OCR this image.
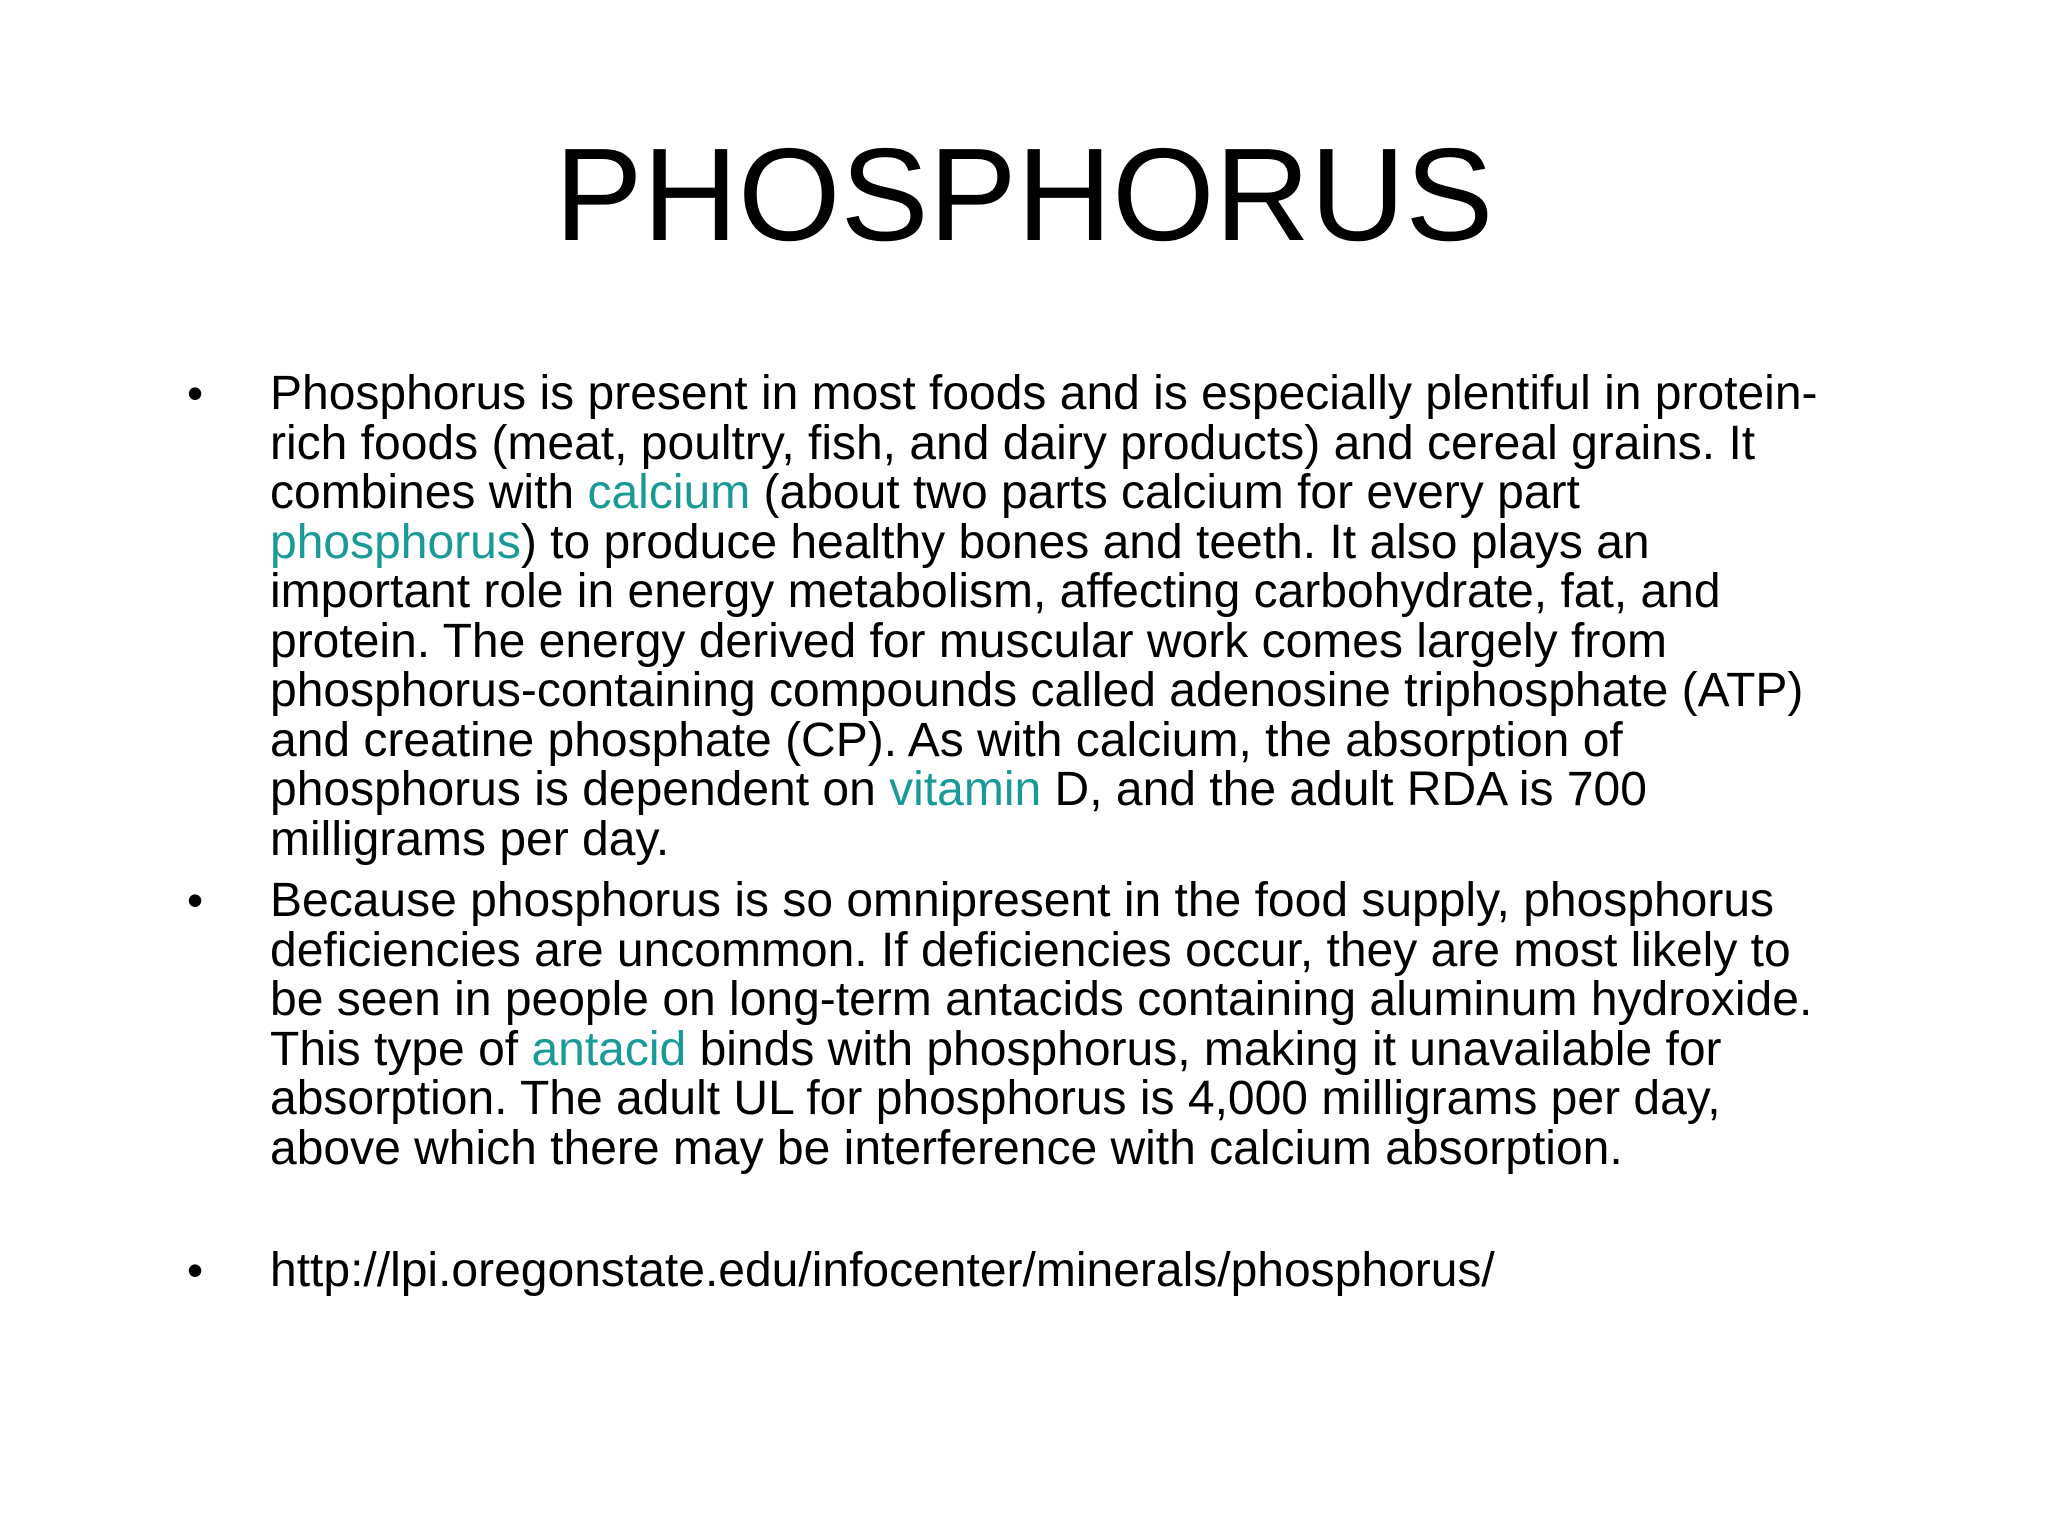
PHOSPHORUS
• Phosphorus is present in most foods and is especially plentiful in protein-
rich foods (meat, poultry, fish, and dairy products) and cereal grains. It
combines with calcium (about two parts calcium for every part
phosphorus) to produce healthy bones and teeth. It also plays an
important role in energy metabolism, affecting carbohydrate, fat, and
protein. The energy derived for muscular work comes largely from
phosphorus-containing compounds called adenosine triphosphate (ATP)
and creatine phosphate (CP). As with calcium, the absorption of
phosphorus is dependent on vitamin D, and the adult RDA is 700
milligrams per day.
• Because phosphorus is so omnipresent in the food supply, phosphorus
deficiencies are uncommon. If deficiencies occur, they are most likely to
be seen in people on long-term antacids containing aluminum hydroxide.
This type of antacid binds with phosphorus, making it unavailable for
absorption. The adult UL for phosphorus is 4,000 milligrams per day,
above which there may be interference with calcium absorption.
• http://lpi.oregonstate.edu/infocenter/minerals/phosphorus/
